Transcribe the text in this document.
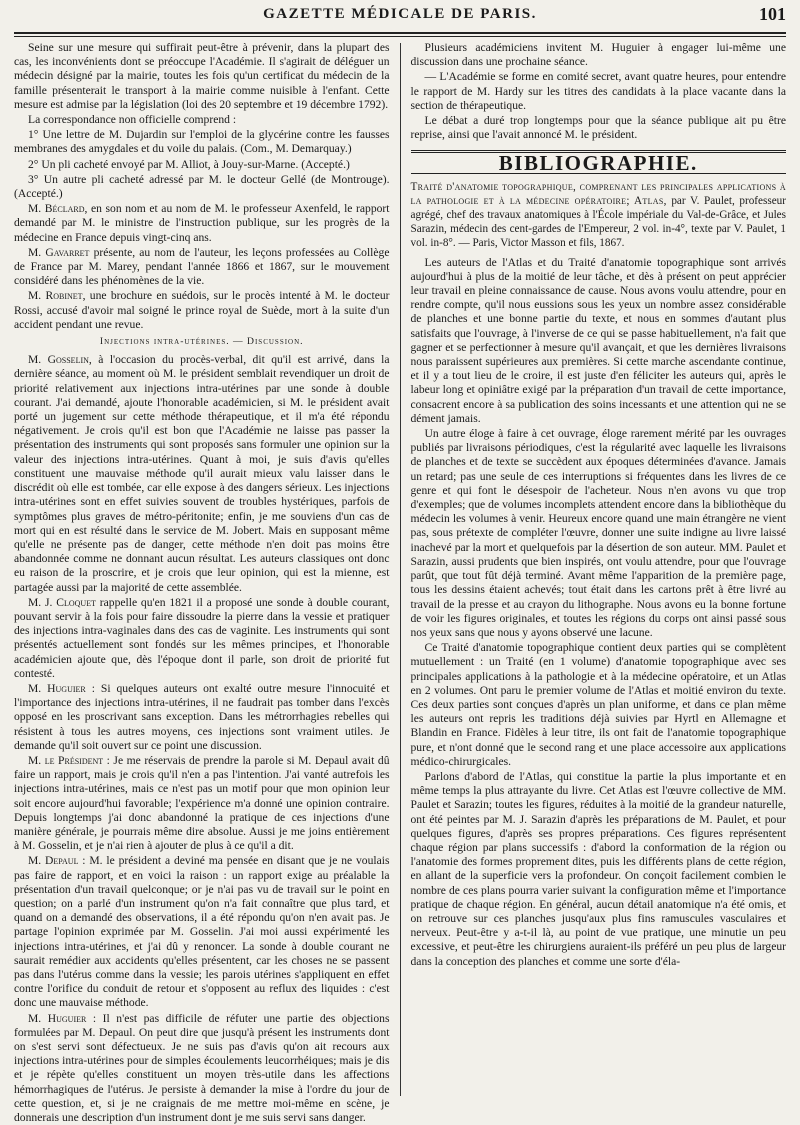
GAZETTE MÉDICALE DE PARIS.	101

Seine sur une mesure qui suffirait peut-être à prévenir, dans la plupart des cas, les inconvénients dont se préoccupe l'Académie. Il s'agirait de déléguer un médecin désigné par la mairie, toutes les fois qu'un certificat du médecin de la famille présenterait le transport à la mairie comme nuisible à l'enfant. Cette mesure est admise par la législation (loi des 20 septembre et 19 décembre 1792).

La correspondance non officielle comprend :

1° Une lettre de M. Dujardin sur l'emploi de la glycérine contre les fausses membranes des amygdales et du voile du palais. (Com., M. Demarquay.)

2° Un pli cacheté envoyé par M. Alliot, à Jouy-sur-Marne. (Accepté.)

3° Un autre pli cacheté adressé par M. le docteur Gellé (de Montrouge). (Accepté.)

M. Béclard, en son nom et au nom de M. le professeur Axenfeld, le rapport demandé par M. le ministre de l'instruction publique, sur les progrès de la médecine en France depuis vingt-cinq ans.

M. Gavarret présente, au nom de l'auteur, les leçons professées au Collège de France par M. Marey, pendant l'année 1866 et 1867, sur le mouvement considéré dans les phénomènes de la vie.

M. Robinet, une brochure en suédois, sur le procès intenté à M. le docteur Rossi, accusé d'avoir mal soigné le prince royal de Suède, mort à la suite d'un accident pendant une revue.

Injections intra-utérines. — Discussion.

M. Gosselin, à l'occasion du procès-verbal, dit qu'il est arrivé, dans la dernière séance, au moment où M. le président semblait revendiquer un droit de priorité relativement aux injections intra-utérines par une sonde à double courant. J'ai demandé, ajoute l'honorable académicien, si M. le président avait porté un jugement sur cette méthode thérapeutique, et il m'a été répondu négativement. Je crois qu'il est bon que l'Académie ne laisse pas passer la présentation des instruments qui sont proposés sans formuler une opinion sur la valeur des injections intra-utérines. Quant à moi, je suis d'avis qu'elles constituent une mauvaise méthode qu'il aurait mieux valu laisser dans le discrédit où elle est tombée, car elle expose à des dangers sérieux. Les injections intra-utérines sont en effet suivies souvent de troubles hystériques, parfois de symptômes plus graves de métro-péritonite; enfin, je me souviens d'un cas de mort qui en est résulté dans le service de M. Jobert. Mais en supposant même qu'elle ne présente pas de danger, cette méthode n'en doit pas moins être abandonnée comme ne donnant aucun résultat. Les auteurs classiques ont donc eu raison de la proscrire, et je crois que leur opinion, qui est la mienne, est partagée aussi par la majorité de cette assemblée.

M. J. Cloquet rappelle qu'en 1821 il a proposé une sonde à double courant, pouvant servir à la fois pour faire dissoudre la pierre dans la vessie et pratiquer des injections intra-vaginales dans des cas de vaginite. Les instruments qui sont présentés actuellement sont fondés sur les mêmes principes, et l'honorable académicien ajoute que, dès l'époque dont il parle, son droit de priorité fut contesté.

M. Huguier : Si quelques auteurs ont exalté outre mesure l'innocuité et l'importance des injections intra-utérines, il ne faudrait pas tomber dans l'excès opposé en les proscrivant sans exception. Dans les métrorrhagies rebelles qui résistent à tous les autres moyens, ces injections sont vraiment utiles. Je demande qu'il soit ouvert sur ce point une discussion.

M. le Président : Je me réservais de prendre la parole si M. Depaul avait dû faire un rapport, mais je crois qu'il n'en a pas l'intention. J'ai vanté autrefois les injections intra-utérines, mais ce n'est pas un motif pour que mon opinion leur soit encore aujourd'hui favorable; l'expérience m'a donné une opinion contraire. Depuis longtemps j'ai donc abandonné la pratique de ces injections d'une manière générale, je pourrais même dire absolue. Aussi je me joins entièrement à M. Gosselin, et je n'ai rien à ajouter de plus à ce qu'il a dit.

M. Depaul : M. le président a deviné ma pensée en disant que je ne voulais pas faire de rapport, et en voici la raison : un rapport exige au préalable la présentation d'un travail quelconque; or je n'ai pas vu de travail sur le point en question; on a parlé d'un instrument qu'on n'a fait connaître que plus tard, et quand on a demandé des observations, il a été répondu qu'on n'en avait pas. Je partage l'opinion exprimée par M. Gosselin. J'ai moi aussi expérimenté les injections intra-utérines, et j'ai dû y renoncer. La sonde à double courant ne saurait remédier aux accidents qu'elles présentent, car les choses ne se passent pas dans l'utérus comme dans la vessie; les parois utérines s'appliquent en effet contre l'orifice du conduit de retour et s'opposent au reflux des liquides : c'est donc une mauvaise méthode.

M. Huguier : Il n'est pas difficile de réfuter une partie des objections formulées par M. Depaul. On peut dire que jusqu'à présent les instruments dont on s'est servi sont défectueux. Je ne suis pas d'avis qu'on ait recours aux injections intra-utérines pour de simples écoulements leucorrhéiques; mais je dis et je répète qu'elles constituent un moyen très-utile dans les affections hémorrhagiques de l'utérus. Je persiste à demander la mise à l'ordre du jour de cette question, et, si je ne craignais de me mettre moi-même en scène, je donnerais une description d'un instrument dont je me suis servi sans danger.

Plusieurs académiciens invitent M. Huguier à engager lui-même une discussion dans une prochaine séance.

— L'Académie se forme en comité secret, avant quatre heures, pour entendre le rapport de M. Hardy sur les titres des candidats à la place vacante dans la section de thérapeutique.

Le débat a duré trop longtemps pour que la séance publique ait pu être reprise, ainsi que l'avait annoncé M. le président.

BIBLIOGRAPHIE.

Traité d'anatomie topographique, comprenant les principales applications à la pathologie et à la médecine opératoire; Atlas, par V. Paulet, professeur agrégé, chef des travaux anatomiques à l'École impériale du Val-de-Grâce, et Jules Sarazin, médecin des cent-gardes de l'Empereur, 2 vol. in-4°, texte par V. Paulet, 1 vol. in-8°. — Paris, Victor Masson et fils, 1867.

Les auteurs de l'Atlas et du Traité d'anatomie topographique sont arrivés aujourd'hui à plus de la moitié de leur tâche, et dès à présent on peut apprécier leur travail en pleine connaissance de cause. Nous avons voulu attendre, pour en rendre compte, qu'il nous eussions sous les yeux un nombre assez considérable de planches et une bonne partie du texte, et nous en sommes d'autant plus satisfaits que l'ouvrage, à l'inverse de ce qui se passe habituellement, n'a fait que gagner et se perfectionner à mesure qu'il avançait, et que les dernières livraisons nous paraissent supérieures aux premières. Si cette marche ascendante continue, et il y a tout lieu de le croire, il est juste d'en féliciter les auteurs qui, après le labeur long et opiniâtre exigé par la préparation d'un travail de cette importance, consacrent encore à sa publication des soins incessants et une attention qui ne se dément jamais.

Un autre éloge à faire à cet ouvrage, éloge rarement mérité par les ouvrages publiés par livraisons périodiques, c'est la régularité avec laquelle les livraisons de planches et de texte se succèdent aux époques déterminées d'avance. Jamais un retard; pas une seule de ces interruptions si fréquentes dans les livres de ce genre et qui font le désespoir de l'acheteur. Nous n'en avons vu que trop d'exemples; que de volumes incomplets attendent encore dans la bibliothèque du médecin les volumes à venir. Heureux encore quand une main étrangère ne vient pas, sous prétexte de compléter l'œuvre, donner une suite indigne au livre laissé inachevé par la mort et quelquefois par la désertion de son auteur. MM. Paulet et Sarazin, aussi prudents que bien inspirés, ont voulu attendre, pour que l'ouvrage parût, que tout fût déjà terminé. Avant même l'apparition de la première page, tous les dessins étaient achevés; tout était dans les cartons prêt à être livré au travail de la presse et au crayon du lithographe. Nous avons eu la bonne fortune de voir les figures originales, et toutes les régions du corps ont ainsi passé sous nos yeux sans que nous y ayons observé une lacune.

Ce Traité d'anatomie topographique contient deux parties qui se complètent mutuellement : un Traité (en 1 volume) d'anatomie topographique avec ses principales applications à la pathologie et à la médecine opératoire, et un Atlas en 2 volumes. Ont paru le premier volume de l'Atlas et moitié environ du texte. Ces deux parties sont conçues d'après un plan uniforme, et dans ce plan même les auteurs ont repris les traditions déjà suivies par Hyrtl en Allemagne et Blandin en France. Fidèles à leur titre, ils ont fait de l'anatomie topographique pure, et n'ont donné que le second rang et une place accessoire aux applications médico-chirurgicales.

Parlons d'abord de l'Atlas, qui constitue la partie la plus importante et en même temps la plus attrayante du livre. Cet Atlas est l'œuvre collective de MM. Paulet et Sarazin; toutes les figures, réduites à la moitié de la grandeur naturelle, ont été peintes par M. J. Sarazin d'après les préparations de M. Paulet, et pour quelques figures, d'après ses propres préparations. Ces figures représentent chaque région par plans successifs : d'abord la conformation de la région ou l'anatomie des formes proprement dites, puis les différents plans de cette région, en allant de la superficie vers la profondeur. On conçoit facilement combien le nombre de ces plans pourra varier suivant la configuration même et l'importance pratique de chaque région. En général, aucun détail anatomique n'a été omis, et on retrouve sur ces planches jusqu'aux plus fins ramuscules vasculaires et nerveux. Peut-être y a-t-il là, au point de vue pratique, une minutie un peu excessive, et peut-être les chirurgiens auraient-ils préféré un peu plus de largeur dans la conception des planches et comme une sorte d'éla-
